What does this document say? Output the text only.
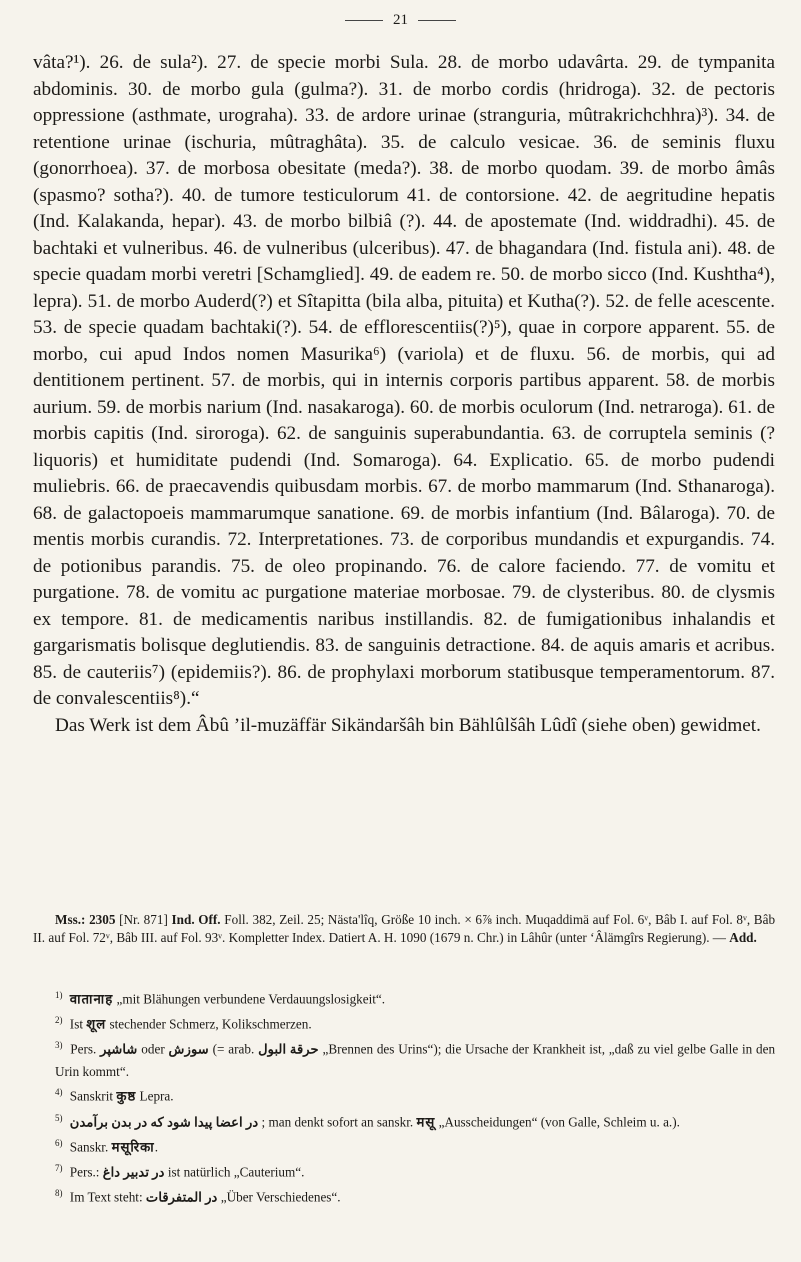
21

vâta?¹). 26. de sula²). 27. de specie morbi Sula. 28. de morbo udavârta. 29. de tympanita abdominis. 30. de morbo gula (gulma?). 31. de morbo cordis (hridroga). 32. de pectoris oppressione (asthmate, urograha). 33. de ardore urinae (stranguria, mûtrakrichchhra)³). 34. de retentione urinae (ischuria, mûtraghâta). 35. de calculo vesicae. 36. de seminis fluxu (gonorrhoea). 37. de morbosa obesitate (meda?). 38. de morbo quodam. 39. de morbo âmâs (spasmo? sotha?). 40. de tumore testiculorum 41. de contorsione. 42. de aegritudine hepatis (Ind. Kalakanda, hepar). 43. de morbo bilbiâ (?). 44. de apostemate (Ind. widdradhi). 45. de bachtaki et vulneribus. 46. de vulneribus (ulceribus). 47. de bhagandara (Ind. fistula ani). 48. de specie quadam morbi veretri [Schamglied]. 49. de eadem re. 50. de morbo sicco (Ind. Kushtha⁴), lepra). 51. de morbo Auderd(?) et Sîtapitta (bila alba, pituita) et Kutha(?). 52. de felle acescente. 53. de specie quadam bachtaki(?). 54. de efflorescentiis(?)⁵), quae in corpore apparent. 55. de morbo, cui apud Indos nomen Masurika⁶) (variola) et de fluxu. 56. de morbis, qui ad dentitionem pertinent. 57. de morbis, qui in internis corporis partibus apparent. 58. de morbis aurium. 59. de morbis narium (Ind. nasakaroga). 60. de morbis oculorum (Ind. netraroga). 61. de morbis capitis (Ind. siroroga). 62. de sanguinis superabundantia. 63. de corruptela seminis (? liquoris) et humiditate pudendi (Ind. Somaroga). 64. Explicatio. 65. de morbo pudendi muliebris. 66. de praecavendis quibusdam morbis. 67. de morbo mammarum (Ind. Sthanaroga). 68. de galactopoeis mammarumque sanatione. 69. de morbis infantium (Ind. Bâlaroga). 70. de mentis morbis curandis. 72. Interpretationes. 73. de corporibus mundandis et expurgandis. 74. de potionibus parandis. 75. de oleo propinando. 76. de calore faciendo. 77. de vomitu et purgatione. 78. de vomitu ac purgatione materiae morbosae. 79. de clysteribus. 80. de clysmis ex tempore. 81. de medicamentis naribus instillandis. 82. de fumigationibus inhalandis et gargarismatis bolisque deglutiendis. 83. de sanguinis detractione. 84. de aquis amaris et acribus. 85. de cauteriis⁷) (epidemiis?). 86. de prophylaxi morborum statibusque temperamentorum. 87. de convalescentiis⁸).“

Das Werk ist dem Âbû ’il-muzäffär Sikändaršâh bin Bählûlšâh Lûdî (siehe oben) gewidmet.

Mss.: 2305 [Nr. 871] Ind. Off. Foll. 382, Zeil. 25; Nästa'lîq, Größe 10 inch. × 6⅞ inch. Muqaddimä auf Fol. 6ᵛ, Bâb I. auf Fol. 8ᵛ, Bâb II. auf Fol. 72ᵛ, Bâb III. auf Fol. 93ᵛ. Kompletter Index. Datiert A. H. 1090 (1679 n. Chr.) in Lâhûr (unter ‘Âlämgîrs Regierung). — Add.
$^{1)}$ वातानाह „mit Blähungen verbundene Verdauungslosigkeit“.
$^{2)}$ Ist शूल stechender Schmerz, Kolikschmerzen.
$^{3)}$ Pers. شاشپر oder سوزش (= arab. حرقة البول „Brennen des Urins“); die Ursache der Krankheit ist, „daß zu viel gelbe Galle in den Urin kommt“.
$^{4)}$ Sanskrit कुष्ठ Lepra.
$^{5)}$ در اعضا پیدا شود که در بدن برآمدن ; man denkt sofort an sanskr. मसू „Ausscheidungen“ (von Galle, Schleim u. a.).
$^{6)}$ Sanskr. मसूरिका.
$^{7)}$ Pers.: در تدبیر داغ ist natürlich „Cauterium“.
$^{8)}$ Im Text steht: در المتفرقات „Über Verschiedenes“.
